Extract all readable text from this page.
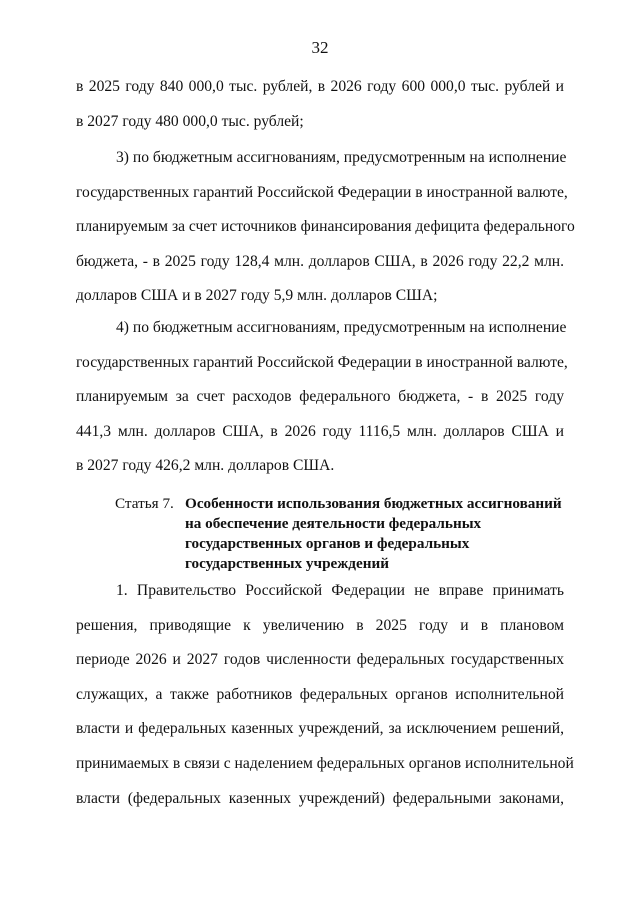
32
в 2025 году 840 000,0 тыс. рублей, в 2026 году 600 000,0 тыс. рублей и
в 2027 году 480 000,0 тыс. рублей;
3) по бюджетным ассигнованиям, предусмотренным на исполнение
государственных гарантий Российской Федерации в иностранной валюте,
планируемым за счет источников финансирования дефицита федерального
бюджета, - в 2025 году 128,4 млн. долларов США, в 2026 году 22,2 млн.
долларов США и в 2027 году 5,9 млн. долларов США;
4) по бюджетным ассигнованиям, предусмотренным на исполнение
государственных гарантий Российской Федерации в иностранной валюте,
планируемым за счет расходов федерального бюджета, - в 2025 году
441,3 млн. долларов США, в 2026 году 1116,5 млн. долларов США и
в 2027 году 426,2 млн. долларов США.
Статья 7. Особенности использования бюджетных ассигнований
на обеспечение деятельности федеральных
государственных органов и федеральных
государственных учреждений
1. Правительство Российской Федерации не вправе принимать
решения, приводящие к увеличению в 2025 году и в плановом
периоде 2026 и 2027 годов численности федеральных государственных
служащих, а также работников федеральных органов исполнительной
власти и федеральных казенных учреждений, за исключением решений,
принимаемых в связи с наделением федеральных органов исполнительной
власти (федеральных казенных учреждений) федеральными законами,
